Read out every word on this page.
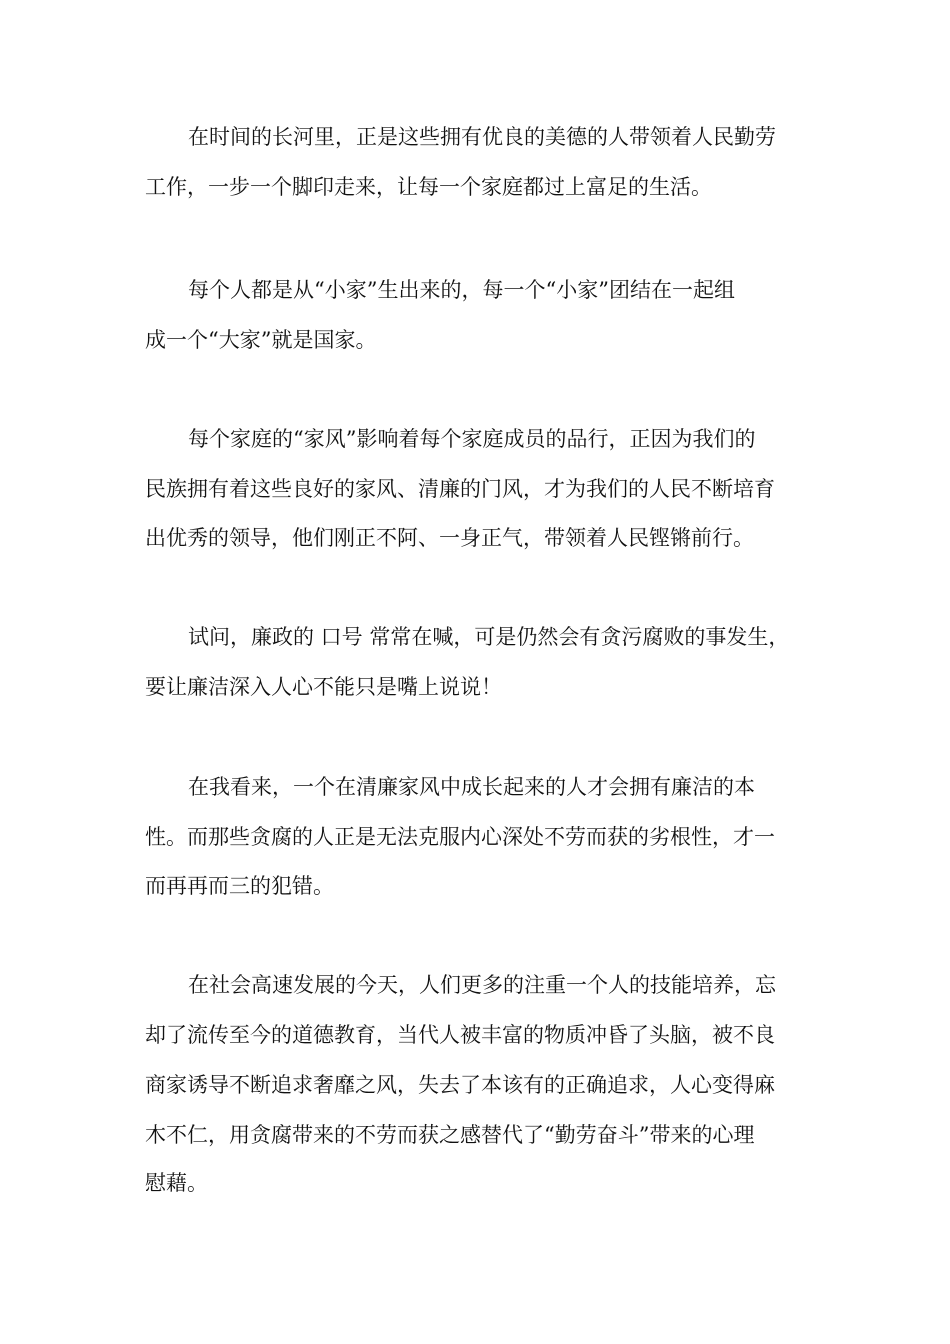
在时间的长河里，正是这些拥有优良的美德的人带领着人民勤劳
工作，一步一个脚印走来，让每一个家庭都过上富足的生活。
每个人都是从“小家”生出来的，每一个“小家”团结在一起组
成一个“大家”就是国家。
每个家庭的“家风”影响着每个家庭成员的品行，正因为我们的
民族拥有着这些良好的家风、清廉的门风，才为我们的人民不断培育
出优秀的领导，他们刚正不阿、一身正气，带领着人民铿锵前行。
试问，廉政的 口号 常常在喊，可是仍然会有贪污腐败的事发生，
要让廉洁深入人心不能只是嘴上说说！
在我看来，一个在清廉家风中成长起来的人才会拥有廉洁的本
性。而那些贪腐的人正是无法克服内心深处不劳而获的劣根性，才一
而再再而三的犯错。
在社会高速发展的今天，人们更多的注重一个人的技能培养，忘
却了流传至今的道德教育，当代人被丰富的物质冲昏了头脑，被不良
商家诱导不断追求奢靡之风，失去了本该有的正确追求，人心变得麻
木不仁，用贪腐带来的不劳而获之感替代了“勤劳奋斗”带来的心理
慰藉。
